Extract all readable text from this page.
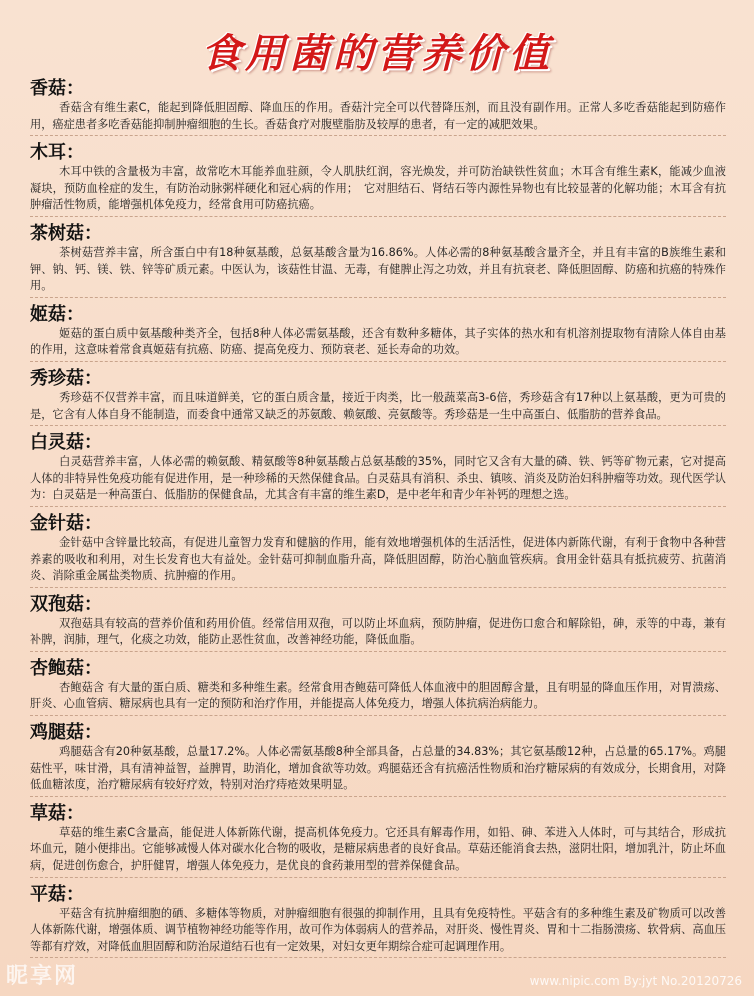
食用菌的营养价值

香菇：

香菇含有维生素C，能起到降低胆固醇、降血压的作用。香菇汁完全可以代替降压剂，而且没有副作用。正常人多吃香菇能起到防癌作用，癌症患者多吃香菇能抑制肿瘤细胞的生长。香菇食疗对腹壁脂肪及较厚的患者，有一定的减肥效果。

木耳：

木耳中铁的含量极为丰富，故常吃木耳能养血驻颜，令人肌肤红润，容光焕发，并可防治缺铁性贫血；木耳含有维生素K，能减少血液凝块，预防血栓症的发生，有防治动脉粥样硬化和冠心病的作用；　它对胆结石、肾结石等内源性异物也有比较显著的化解功能；木耳含有抗肿瘤活性物质，能增强机体免疫力，经常食用可防癌抗癌。

茶树菇：

茶树菇营养丰富，所含蛋白中有18种氨基酸，总氨基酸含量为16.86%。人体必需的8种氨基酸含量齐全，并且有丰富的B族维生素和钾、钠、钙、镁、铁、锌等矿质元素。中医认为，该菇性甘温、无毒，有健脾止泻之功效，并且有抗衰老、降低胆固醇、防癌和抗癌的特殊作用。

姬菇：

姬菇的蛋白质中氨基酸种类齐全，包括8种人体必需氨基酸，还含有数种多糖体，其子实体的热水和有机溶剂提取物有清除人体自由基的作用，这意味着常食真姬菇有抗癌、防癌、提高免疫力、预防衰老、延长寿命的功效。

秀珍菇：

秀珍菇不仅营养丰富，而且味道鲜美，它的蛋白质含量，接近于肉类，比一般蔬菜高3-6倍，秀珍菇含有17种以上氨基酸，更为可贵的是，它含有人体自身不能制造，而委食中通常又缺乏的苏氨酸、赖氨酸、亮氨酸等。秀珍菇是一生中高蛋白、低脂肪的营养食品。

白灵菇：

白灵菇营养丰富，人体必需的赖氨酸、精氨酸等8种氨基酸占总氨基酸的35%，同时它又含有大量的磷、铁、钙等矿物元素，它对提高人体的非特异性免疫功能有促进作用，是一种珍稀的天然保健食品。白灵菇具有消积、杀虫、镇咳、消炎及防治妇科肿瘤等功效。现代医学认为：白灵菇是一种高蛋白、低脂肪的保健食品，尤其含有丰富的维生素D，是中老年和青少年补钙的理想之选。

金针菇：

金针菇中含锌量比较高，有促进儿童智力发育和健脑的作用，能有效地增强机体的生活活性，促进体内新陈代谢，有利于食物中各种营养素的吸收和利用，对生长发育也大有益处。金针菇可抑制血脂升高，降低胆固醇，防治心脑血管疾病。食用金针菇具有抵抗疲劳、抗菌消炎、消除重金属盐类物质、抗肿瘤的作用。

双孢菇：

双孢菇具有较高的营养价值和药用价值。经常信用双孢，可以防止坏血病，预防肿瘤，促进伤口愈合和解除铅，砷，汞等的中毒，兼有补脾，润肺，理气，化痰之功效，能防止恶性贫血，改善神经功能，降低血脂。

杏鲍菇：

杏鲍菇含 有大量的蛋白质、糖类和多种维生素。经常食用杏鲍菇可降低人体血液中的胆固醇含量，且有明显的降血压作用，对胃溃疡、肝炎、心血管病、糖尿病也具有一定的预防和治疗作用，并能提高人体免疫力，增强人体抗病治病能力。

鸡腿菇：

鸡腿菇含有20种氨基酸，总量17.2%。人体必需氨基酸8种全部具备，占总量的34.83%；其它氨基酸12种，占总量的65.17%。鸡腿菇性平，味甘滑，具有清神益智，益脾胃，助消化，增加食欲等功效。鸡腿菇还含有抗癌活性物质和治疗糖尿病的有效成分，长期食用，对降低血糖浓度，治疗糖尿病有较好疗效，特别对治疗痔疮效果明显。

草菇：

草菇的维生素C含量高，能促进人体新陈代谢，提高机体免疫力。它还具有解毒作用，如铅、砷、苯进入人体时，可与其结合，形成抗坏血元，随小便排出。它能够减慢人体对碳水化合物的吸收，是糖尿病患者的良好食品。草菇还能消食去热，滋阴壮阳，增加乳汁，防止坏血病，促进创伤愈合，护肝健胃，增强人体免疫力，是优良的食药兼用型的营养保健食品。

平菇：

平菇含有抗肿瘤细胞的硒、多糖体等物质，对肿瘤细胞有很强的抑制作用，且具有免疫特性。平菇含有的多种维生素及矿物质可以改善人体新陈代谢，增强体质、调节植物神经功能等作用，故可作为体弱病人的营养品，对肝炎、慢性胃炎、胃和十二指肠溃疡、软骨病、高血压等都有疗效，对降低血胆固醇和防治尿道结石也有一定效果，对妇女更年期综合症可起调理作用。

昵享网	www.nipic.com By:jyt No.20120726
